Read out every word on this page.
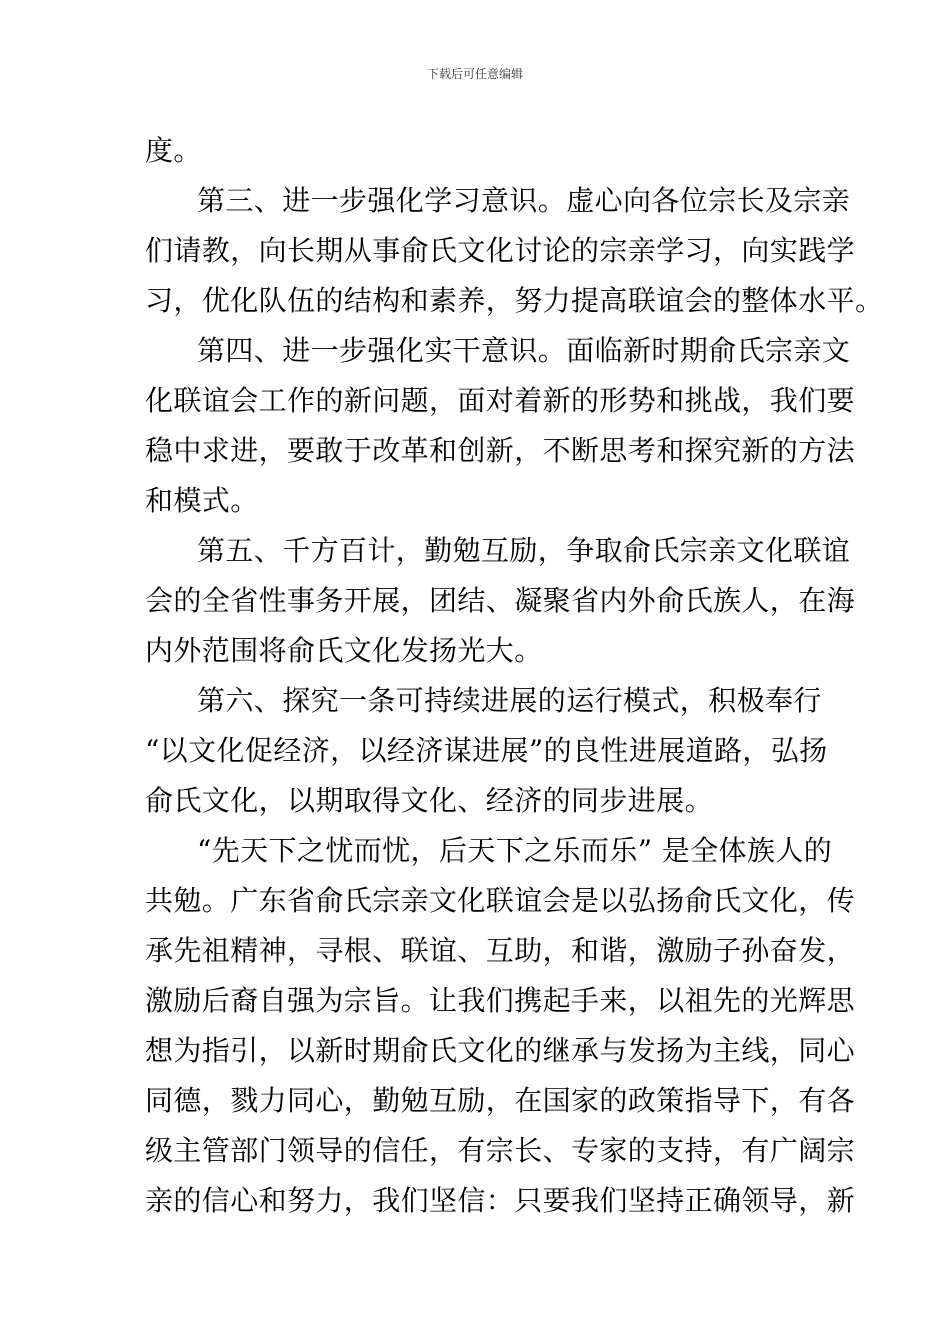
下载后可任意编辑
度。
第三、进一步强化学习意识。虚心向各位宗长及宗亲
们请教，向长期从事俞氏文化讨论的宗亲学习，向实践学
习，优化队伍的结构和素养，努力提高联谊会的整体水平。
第四、进一步强化实干意识。面临新时期俞氏宗亲文
化联谊会工作的新问题，面对着新的形势和挑战，我们要
稳中求进，要敢于改革和创新，不断思考和探究新的方法
和模式。
第五、千方百计，勤勉互励，争取俞氏宗亲文化联谊
会的全省性事务开展，团结、凝聚省内外俞氏族人，在海
内外范围将俞氏文化发扬光大。
第六、探究一条可持续进展的运行模式，积极奉行
“以文化促经济，以经济谋进展”的良性进展道路，弘扬
俞氏文化，以期取得文化、经济的同步进展。
“先天下之忧而忧，后天下之乐而乐” 是全体族人的
共勉。广东省俞氏宗亲文化联谊会是以弘扬俞氏文化，传
承先祖精神，寻根、联谊、互助，和谐，激励子孙奋发，
激励后裔自强为宗旨。让我们携起手来，以祖先的光辉思
想为指引，以新时期俞氏文化的继承与发扬为主线，同心
同德，戮力同心，勤勉互励，在国家的政策指导下，有各
级主管部门领导的信任，有宗长、专家的支持，有广阔宗
亲的信心和努力，我们坚信：只要我们坚持正确领导，新
